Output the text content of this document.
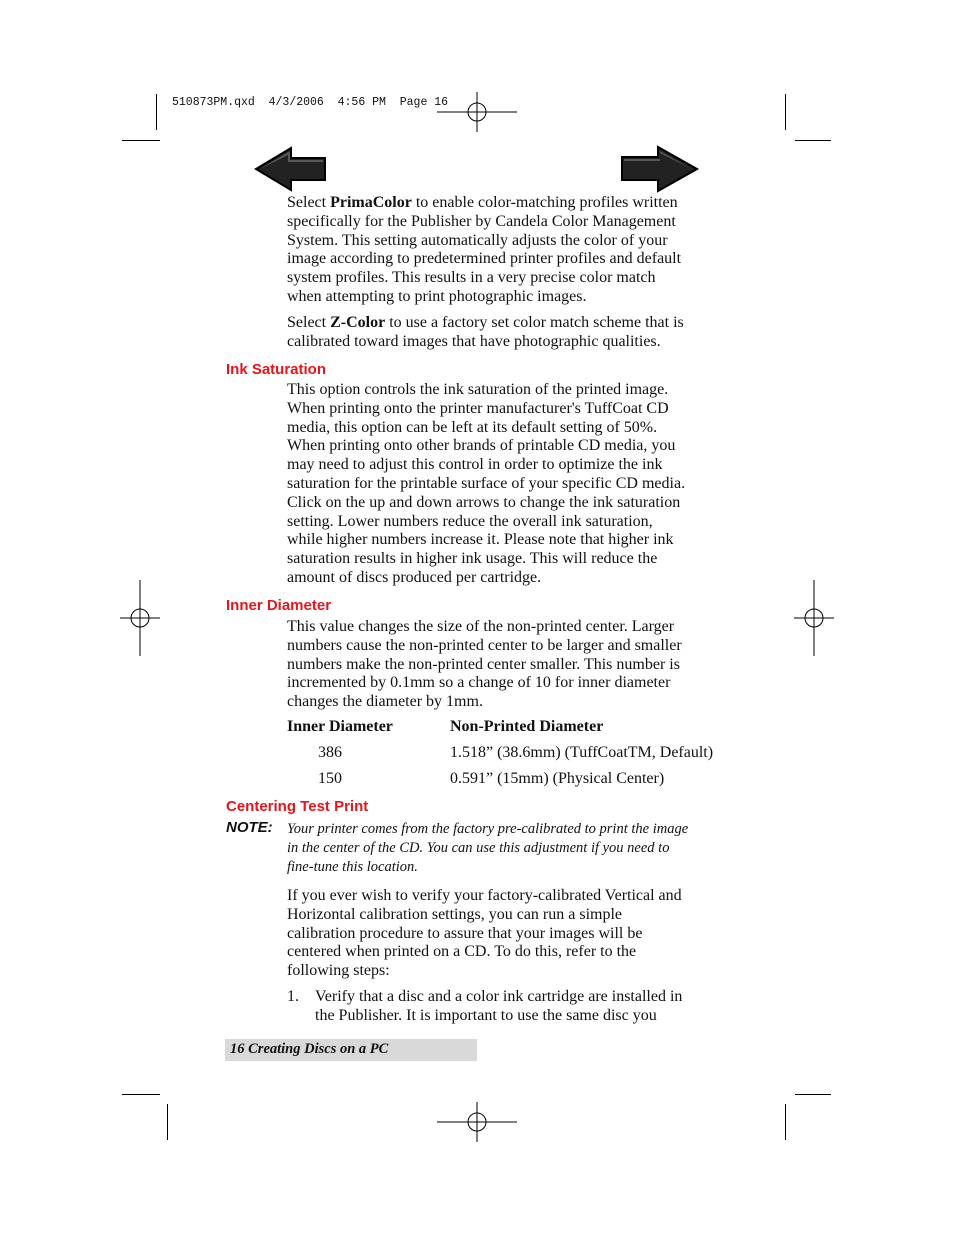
510873PM.qxd  4/3/2006  4:56 PM  Page 16
Select PrimaColor to enable color-matching profiles written
specifically for the Publisher by Candela Color Management
System. This setting automatically adjusts the color of your
image according to predetermined printer profiles and default
system profiles. This results in a very precise color match
when attempting to print photographic images.
Select Z-Color to use a factory set color match scheme that is
calibrated toward images that have photographic qualities.
Ink Saturation
This option controls the ink saturation of the printed image.
When printing onto the printer manufacturer's TuffCoat CD
media, this option can be left at its default setting of 50%.
When printing onto other brands of printable CD media, you
may need to adjust this control in order to optimize the ink
saturation for the printable surface of your specific CD media.
Click on the up and down arrows to change the ink saturation
setting. Lower numbers reduce the overall ink saturation,
while higher numbers increase it. Please note that higher ink
saturation results in higher ink usage. This will reduce the
amount of discs produced per cartridge.
Inner Diameter
This value changes the size of the non-printed center. Larger
numbers cause the non-printed center to be larger and smaller
numbers make the non-printed center smaller. This number is
incremented by 0.1mm so a change of 10 for inner diameter
changes the diameter by 1mm.
Inner Diameter	Non-Printed Diameter
386	1.518” (38.6mm) (TuffCoatTM, Default)
150	0.591” (15mm) (Physical Center)
Centering Test Print
NOTE: Your printer comes from the factory pre-calibrated to print the image
in the center of the CD. You can use this adjustment if you need to
fine-tune this location.
If you ever wish to verify your factory-calibrated Vertical and
Horizontal calibration settings, you can run a simple
calibration procedure to assure that your images will be
centered when printed on a CD. To do this, refer to the
following steps:
1. Verify that a disc and a color ink cartridge are installed in
the Publisher. It is important to use the same disc you
16 Creating Discs on a PC
